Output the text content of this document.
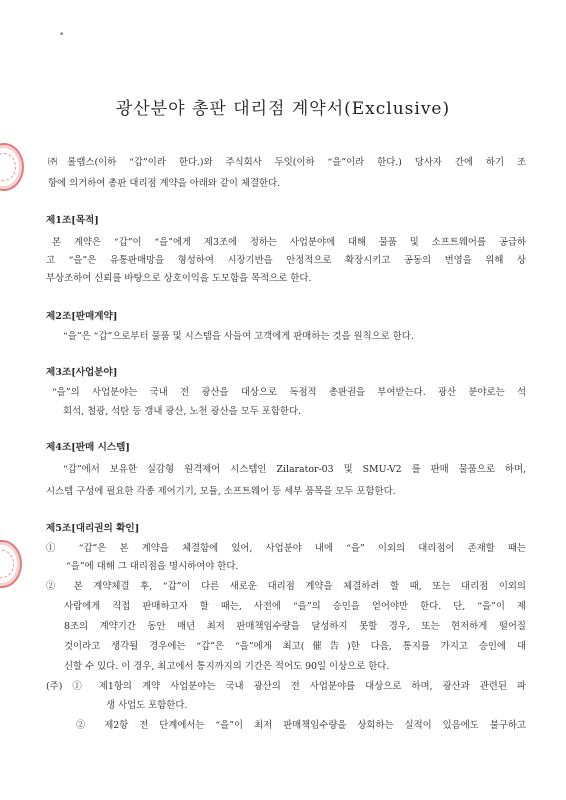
▪
광산분야 총판 대리점 계약서(Exclusive)
㈜롤랩스(이하 “갑”이라 한다.)와 주식회사 두잇(이하 “을”이라 한다.) 당사자 간에 하기 조
항에 의거하여 총판 대리점 계약을 아래와 같이 체결한다.
제1조[목적]
본 계약은 “갑”이 “을”에게 제3조에 정하는 사업분야에 대해 물품 및 소프트웨어를 공급하
고 “을”은 유통판매망을 형성하여 시장기반을 안정적으로 확장시키고 공동의 번영을 위해 상
부상조하여 신뢰를 바탕으로 상호이익을 도모함을 목적으로 한다.
제2조[판매계약]
“을”은 “갑”으로부터 물품 및 시스템을 사들여 고객에게 판매하는 것을 원칙으로 한다.
제3조[사업분야]
“을”의 사업분야는 국내 전 광산을 대상으로 독점적 총판권을 부여받는다. 광산 분야로는 석
회석, 철광, 석탄 등 갱내 광산, 노천 광산을 모두 포함한다.
제4조[판매 시스템]
“갑”에서 보유한 실감형 원격제어 시스템인 Zilarator-03 및 SMU-V2 를 판매 물품으로 하며,
시스템 구성에 필요한 각종 제어기기, 모듈, 소프트웨어 등 세부 품목을 모두 포함한다.
제5조[대리권의 확인]
① “갑”은 본 계약을 체결함에 있어, 사업분야 내에 “을” 이외의 대리점이 존재할 때는
“을”에 대해 그 대리점을 명시하여야 한다.
② 본 계약체결 후, “갑”이 다른 새로운 대리점 계약을 체결하려 할 때, 또는 대리점 이외의
사람에게 직접 판매하고자 할 때는, 사전에 “을”의 승인을 얻어야만 한다. 단, “을”이 제
8조의 계약기간 동안 매년 최저 판매책임수량을 달성하지 못할 경우, 또는 현저하게 떨어질
것이라고 생각될 경우에는 “갑”은 “을”에게 최고(催告)한 다음, 통지를 가지고 승인에 대
신할 수 있다. 이 경우, 최고에서 통지까지의 기간은 적어도 90일 이상으로 한다.
(주) ① 제1항의 계약 사업분야는 국내 광산의 전 사업분야를 대상으로 하며, 광산과 관련된 파
생 사업도 포함한다.
② 제2항 전 단계에서는 “을”이 최저 판매책임수량을 상회하는 실적이 있음에도 불구하고
